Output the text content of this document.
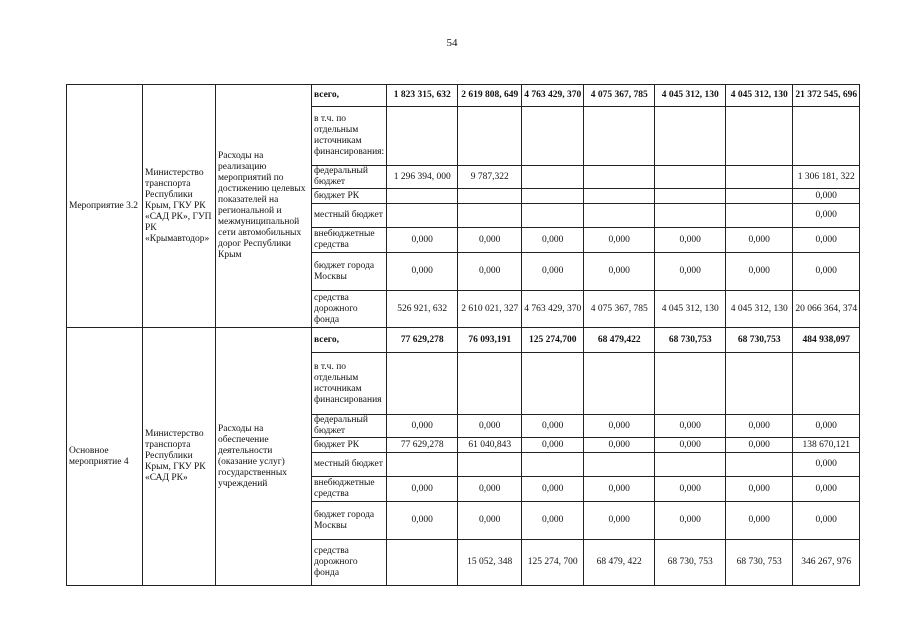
54
Мероприятие 3.2	Министерство транспорта Республики Крым, ГКУ РК «САД РК», ГУП РК «Крымавтодор»	Расходы на реализацию мероприятий по достижению целевых показателей на региональной и межмуниципальной сети автомобильных дорог Республики Крым	всего,	1 823 315, 632	2 619 808, 649	4 763 429, 370	4 075 367, 785	4 045 312, 130	4 045 312, 130	21 372 545, 696
			в т.ч. по отдельным источникам финансирования:							
			федеральный бюджет	1 296 394, 000	9 787,322					1 306 181, 322
			бюджет РК							0,000
			местный бюджет							0,000
			внебюджетные средства	0,000	0,000	0,000	0,000	0,000	0,000	0,000
			бюджет города Москвы	0,000	0,000	0,000	0,000	0,000	0,000	0,000
			средства дорожного фонда	526 921, 632	2 610 021, 327	4 763 429, 370	4 075 367, 785	4 045 312, 130	4 045 312, 130	20 066 364, 374
Основное мероприятие 4	Министерство транспорта Республики Крым, ГКУ РК «САД РК»	Расходы на обеспечение деятельности (оказание услуг) государственных учреждений	всего,	77 629,278	76 093,191	125 274,700	68 479,422	68 730,753	68 730,753	484 938,097
			в т.ч. по отдельным источникам финансирования							
			федеральный бюджет	0,000	0,000	0,000	0,000	0,000	0,000	0,000
			бюджет РК	77 629,278	61 040,843	0,000	0,000	0,000	0,000	138 670,121
			местный бюджет							0,000
			внебюджетные средства	0,000	0,000	0,000	0,000	0,000	0,000	0,000
			бюджет города Москвы	0,000	0,000	0,000	0,000	0,000	0,000	0,000
			средства дорожного фонда		15 052, 348	125 274, 700	68 479, 422	68 730, 753	68 730, 753	346 267, 976
